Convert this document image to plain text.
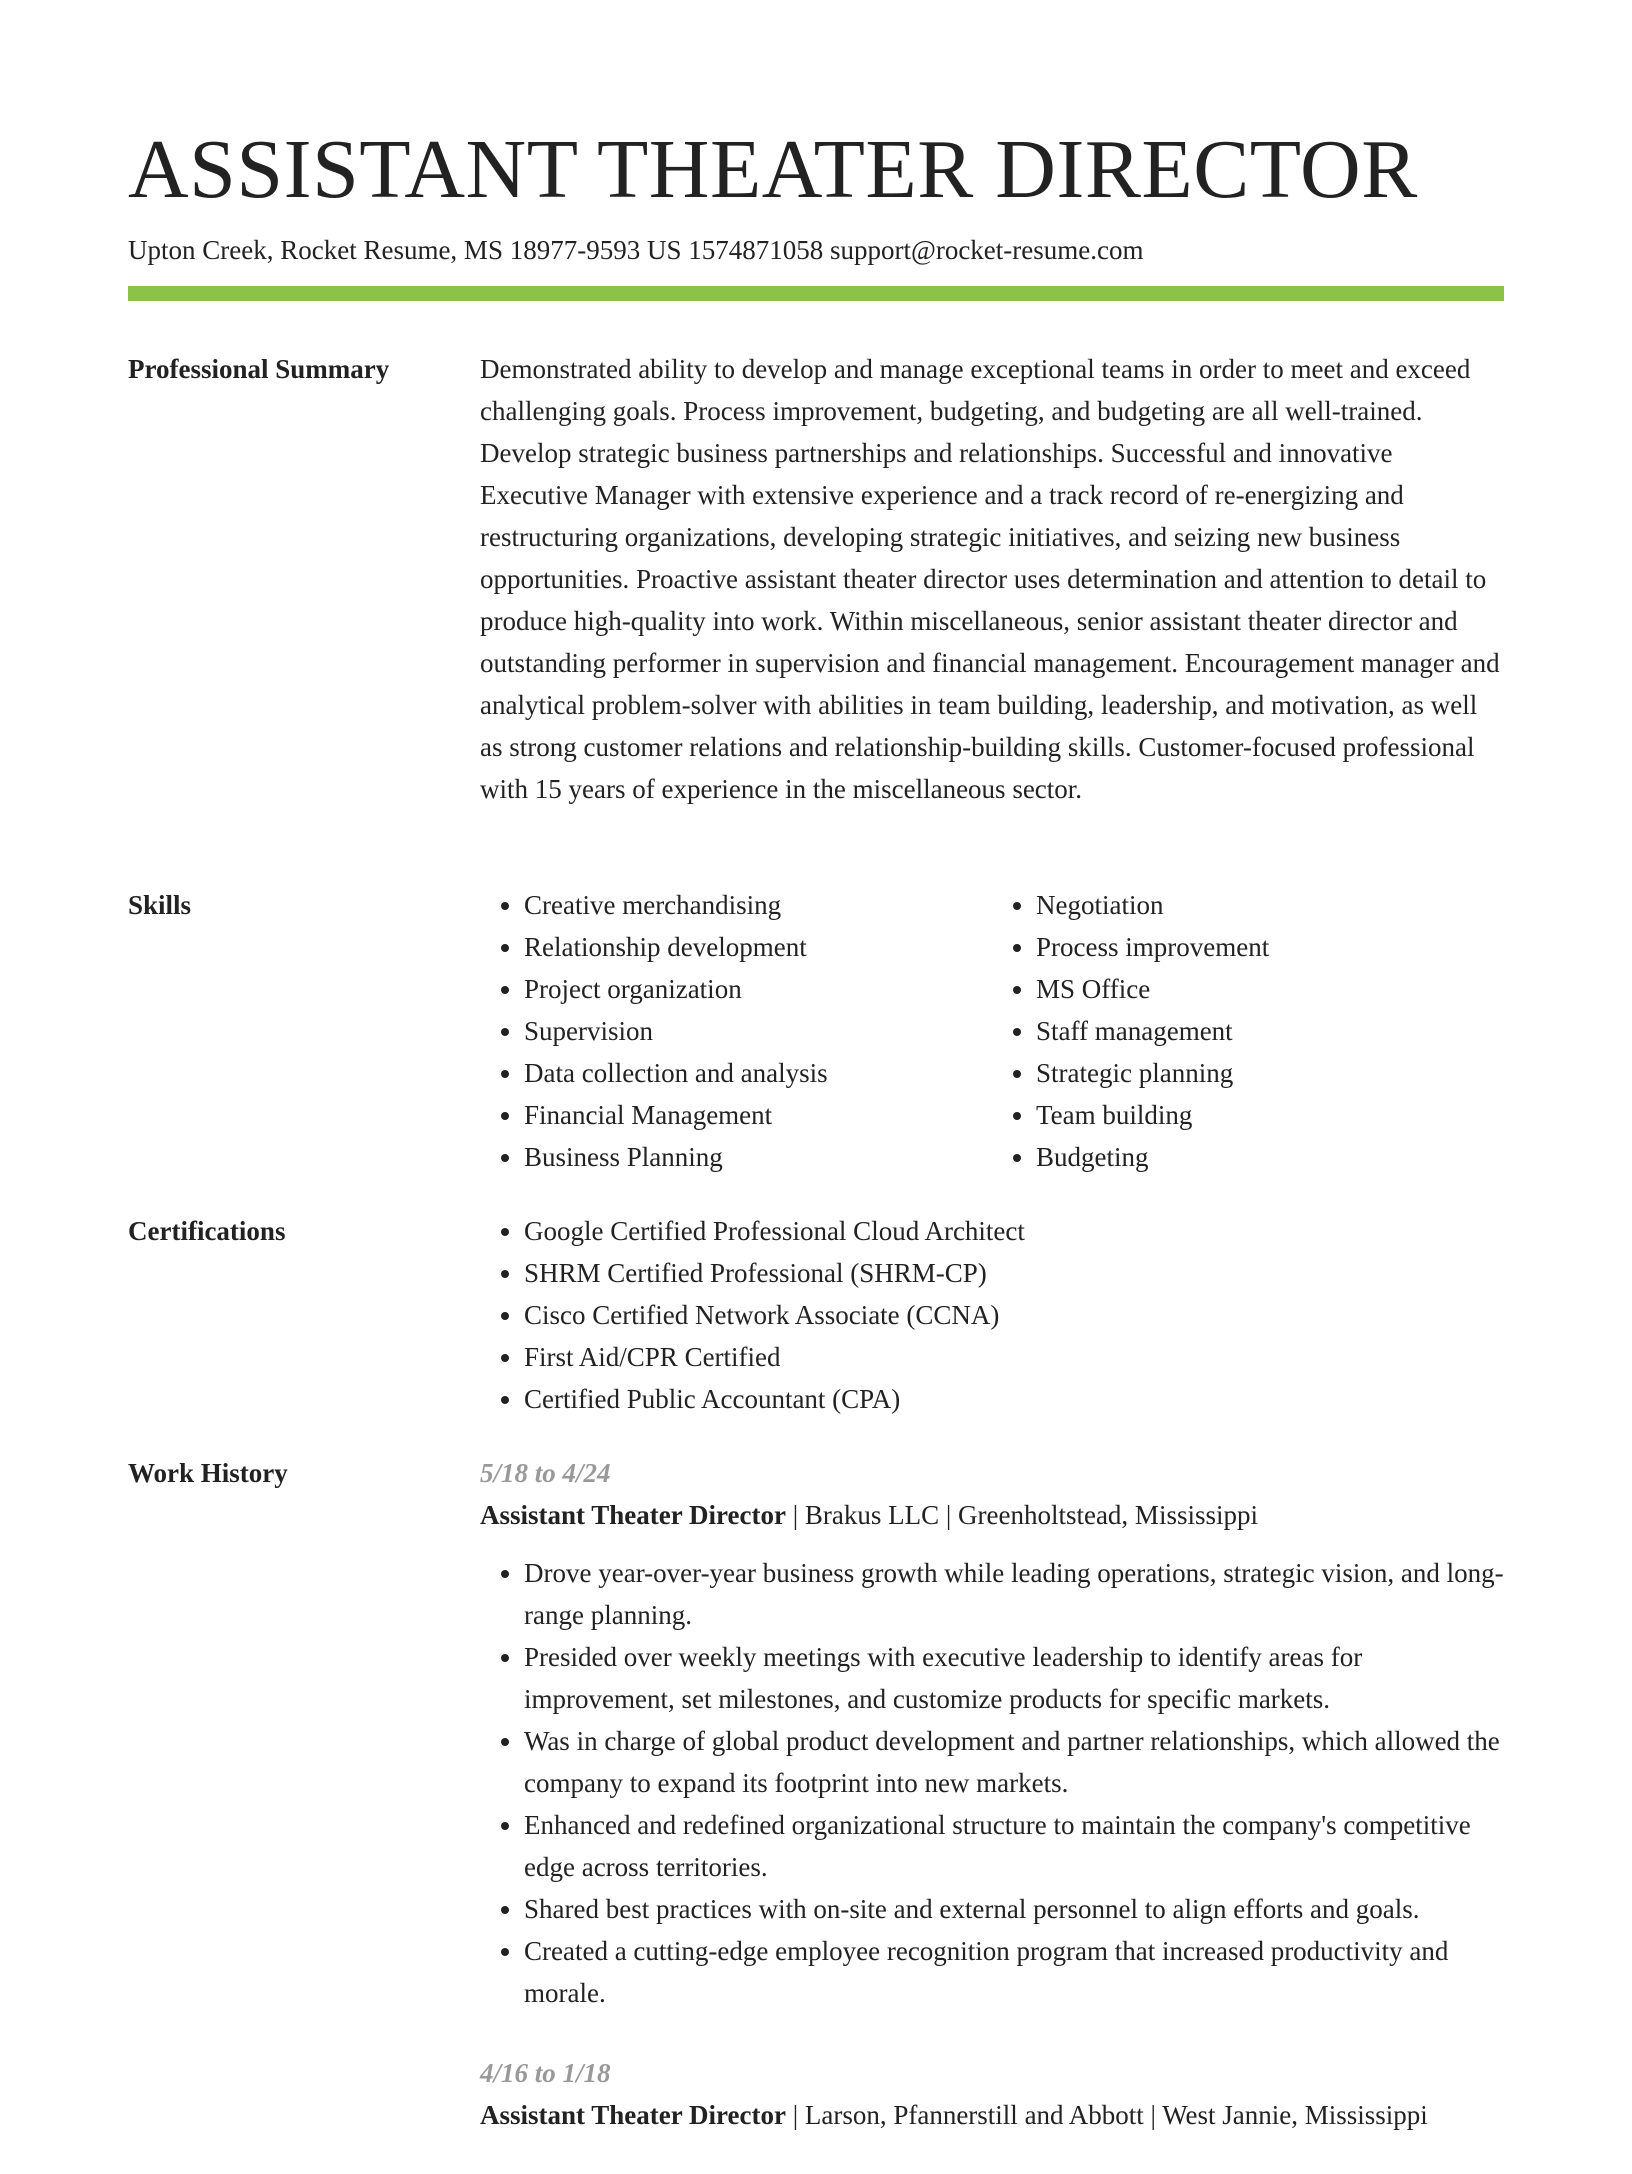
ASSISTANT THEATER DIRECTOR
Upton Creek, Rocket Resume, MS 18977-9593 US 1574871058 support@rocket-resume.com
Professional Summary	Demonstrated ability to develop and manage exceptional teams in order to meet and exceed challenging goals. Process improvement, budgeting, and budgeting are all well-trained. Develop strategic business partnerships and relationships. Successful and innovative Executive Manager with extensive experience and a track record of re-energizing and restructuring organizations, developing strategic initiatives, and seizing new business opportunities. Proactive assistant theater director uses determination and attention to detail to produce high-quality into work. Within miscellaneous, senior assistant theater director and outstanding performer in supervision and financial management. Encouragement manager and analytical problem-solver with abilities in team building, leadership, and motivation, as well as strong customer relations and relationship-building skills. Customer-focused professional with 15 years of experience in the miscellaneous sector.

Skills	• Creative merchandising
• Relationship development
• Project organization
• Supervision
• Data collection and analysis
• Financial Management
• Business Planning
• Negotiation
• Process improvement
• MS Office
• Staff management
• Strategic planning
• Team building
• Budgeting
Certifications	• Google Certified Professional Cloud Architect
• SHRM Certified Professional (SHRM-CP)
• Cisco Certified Network Associate (CCNA)
• First Aid/CPR Certified
• Certified Public Accountant (CPA)
Work History	5/18 to 4/24
Assistant Theater Director | Brakus LLC | Greenholtstead, Mississippi
• Drove year-over-year business growth while leading operations, strategic vision, and long-range planning.
• Presided over weekly meetings with executive leadership to identify areas for improvement, set milestones, and customize products for specific markets.
• Was in charge of global product development and partner relationships, which allowed the company to expand its footprint into new markets.
• Enhanced and redefined organizational structure to maintain the company's competitive edge across territories.
• Shared best practices with on-site and external personnel to align efforts and goals.
• Created a cutting-edge employee recognition program that increased productivity and morale.
4/16 to 1/18
Assistant Theater Director | Larson, Pfannerstill and Abbott | West Jannie, Mississippi
